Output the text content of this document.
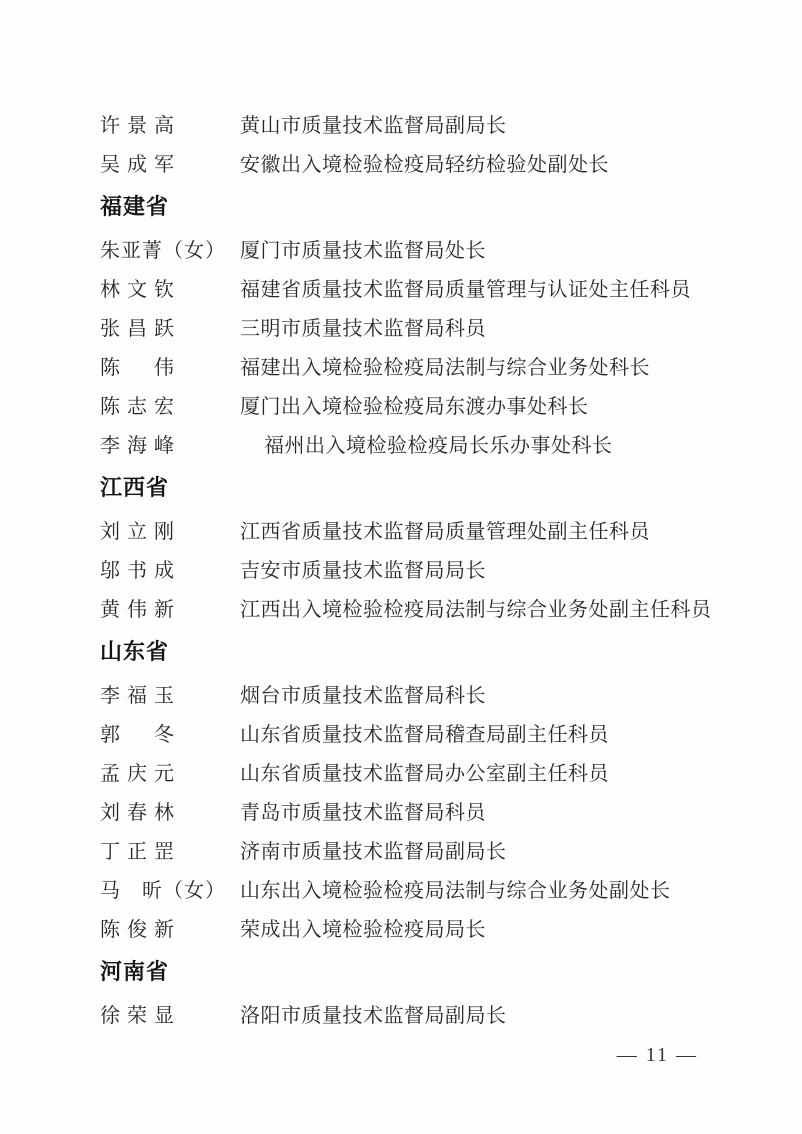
许景高	黄山市质量技术监督局副局长
吴成军	安徽出入境检验检疫局轻纺检验处副处长
福建省
朱亚菁（女） 厦门市质量技术监督局处长
林文钦	福建省质量技术监督局质量管理与认证处主任科员
张昌跃	三明市质量技术监督局科员
陈　伟	福建出入境检验检疫局法制与综合业务处科长
陈志宏	厦门出入境检验检疫局东渡办事处科长
李海峰	福州出入境检验检疫局长乐办事处科长
江西省
刘立刚	江西省质量技术监督局质量管理处副主任科员
邬书成	吉安市质量技术监督局局长
黄伟新	江西出入境检验检疫局法制与综合业务处副主任科员
山东省
李福玉	烟台市质量技术监督局科长
郭　冬	山东省质量技术监督局稽查局副主任科员
孟庆元	山东省质量技术监督局办公室副主任科员
刘春林	青岛市质量技术监督局科员
丁正罡	济南市质量技术监督局副局长
马　昕（女） 山东出入境检验检疫局法制与综合业务处副处长
陈俊新	荣成出入境检验检疫局局长
河南省
徐荣显	洛阳市质量技术监督局副局长
— 11 —
